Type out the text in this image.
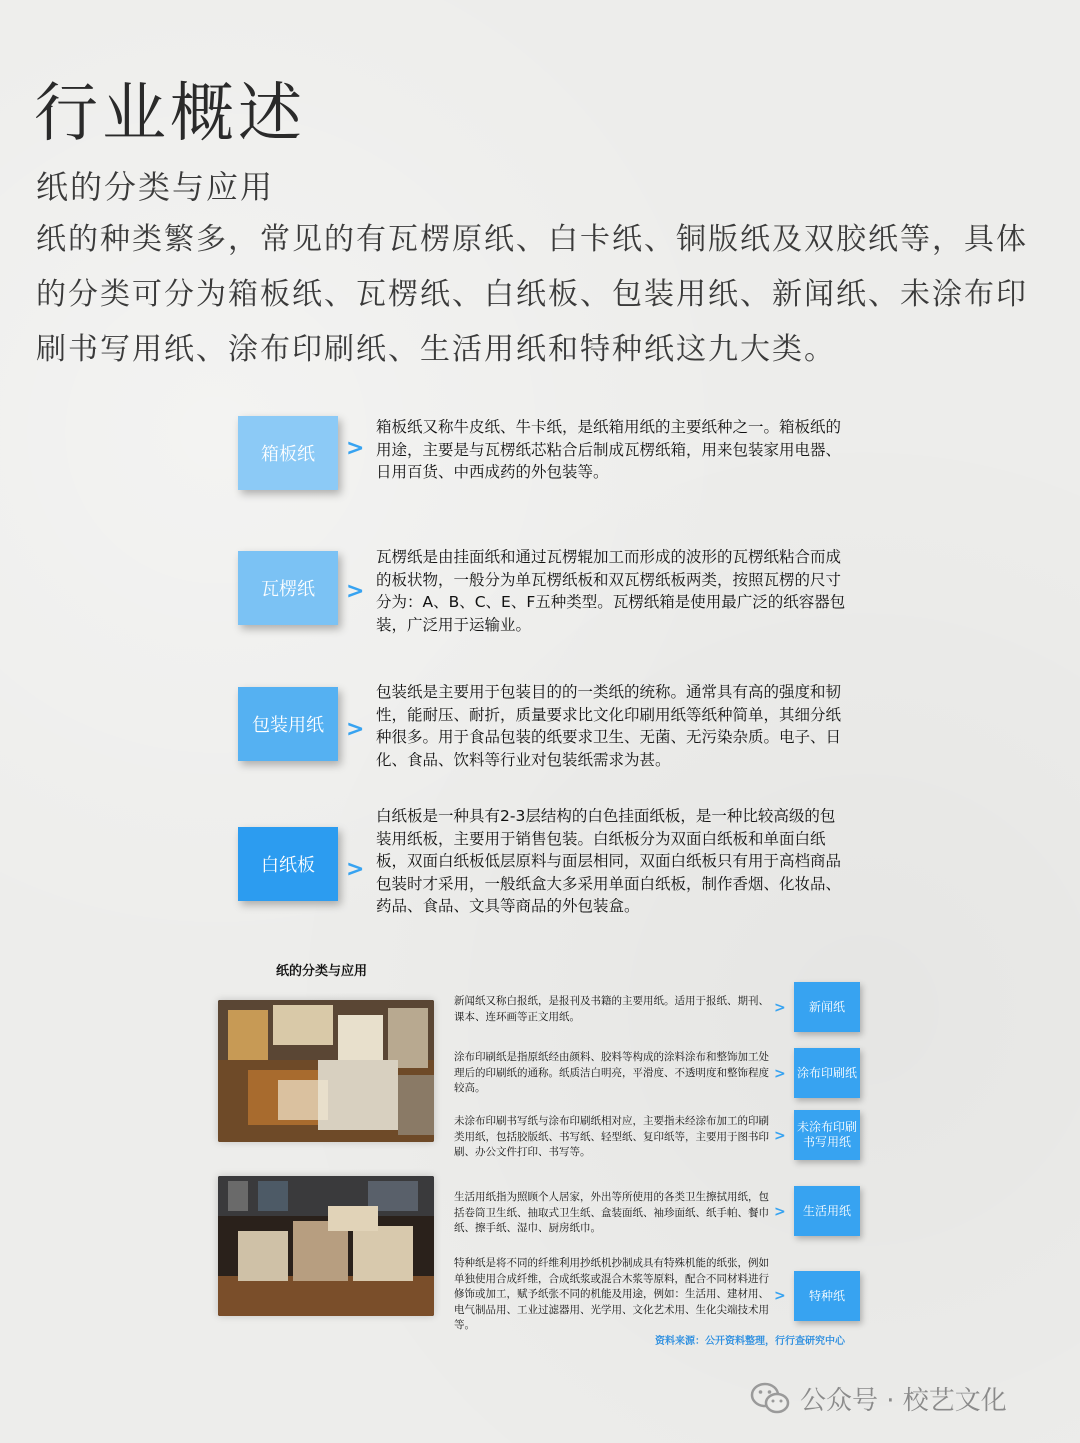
行业概述
纸的分类与应用
纸的种类繁多，常见的有瓦楞原纸、白卡纸、铜版纸及双胶纸等，具体的分类可分为箱板纸、瓦楞纸、白纸板、包装用纸、新闻纸、未涂布印刷书写用纸、涂布印刷纸、生活用纸和特种纸这九大类。
箱板纸	>
箱板纸又称牛皮纸、牛卡纸，是纸箱用纸的主要纸种之一。箱板纸的用途，主要是与瓦楞纸芯粘合后制成瓦楞纸箱，用来包装家用电器、日用百货、中西成药的外包装等。
瓦楞纸	>
瓦楞纸是由挂面纸和通过瓦楞辊加工而形成的波形的瓦楞纸粘合而成的板状物，一般分为单瓦楞纸板和双瓦楞纸板两类，按照瓦楞的尺寸分为：A、B、C、E、F五种类型。瓦楞纸箱是使用最广泛的纸容器包装，广泛用于运输业。
包装用纸	>
包装纸是主要用于包装目的的一类纸的统称。通常具有高的强度和韧性，能耐压、耐折，质量要求比文化印刷用纸等纸种简单，其细分纸种很多。用于食品包装的纸要求卫生、无菌、无污染杂质。电子、日化、食品、饮料等行业对包装纸需求为甚。
白纸板	>
白纸板是一种具有2-3层结构的白色挂面纸板，是一种比较高级的包装用纸板，主要用于销售包装。白纸板分为双面白纸板和单面白纸板，双面白纸板低层原料与面层相同，双面白纸板只有用于高档商品包装时才采用，一般纸盒大多采用单面白纸板，制作香烟、化妆品、药品、食品、文具等商品的外包装盒。
纸的分类与应用
新闻纸又称白报纸，是报刊及书籍的主要用纸。适用于报纸、期刊、课本、连环画等正文用纸。
>	新闻纸
涂布印刷纸是指原纸经由颜料、胶料等构成的涂料涂布和整饰加工处理后的印刷纸的通称。纸质洁白明亮，平滑度、不透明度和整饰程度较高。
> 涂布印刷纸
未涂布印刷书写纸与涂布印刷纸相对应，主要指未经涂布加工的印刷类用纸，包括胶版纸、书写纸、轻型纸、复印纸等，主要用于图书印刷、办公文件打印、书写等。
>
未涂布印刷书写用纸
生活用纸指为照顾个人居家，外出等所使用的各类卫生擦拭用纸，包括卷筒卫生纸、抽取式卫生纸、盒装面纸、袖珍面纸、纸手帕、餐巾纸、擦手纸、湿巾、厨房纸巾。
>	生活用纸
特种纸是将不同的纤维利用抄纸机抄制成具有特殊机能的纸张，例如单独使用合成纤维，合成纸浆或混合木浆等原料，配合不同材料进行修饰或加工，赋予纸张不同的机能及用途，例如：生活用、建材用、电气制品用、工业过滤器用、光学用、文化艺术用、生化尖端技术用等。
>	特种纸
资料来源：公开资料整理，行行查研究中心
公众号 · 校艺文化
